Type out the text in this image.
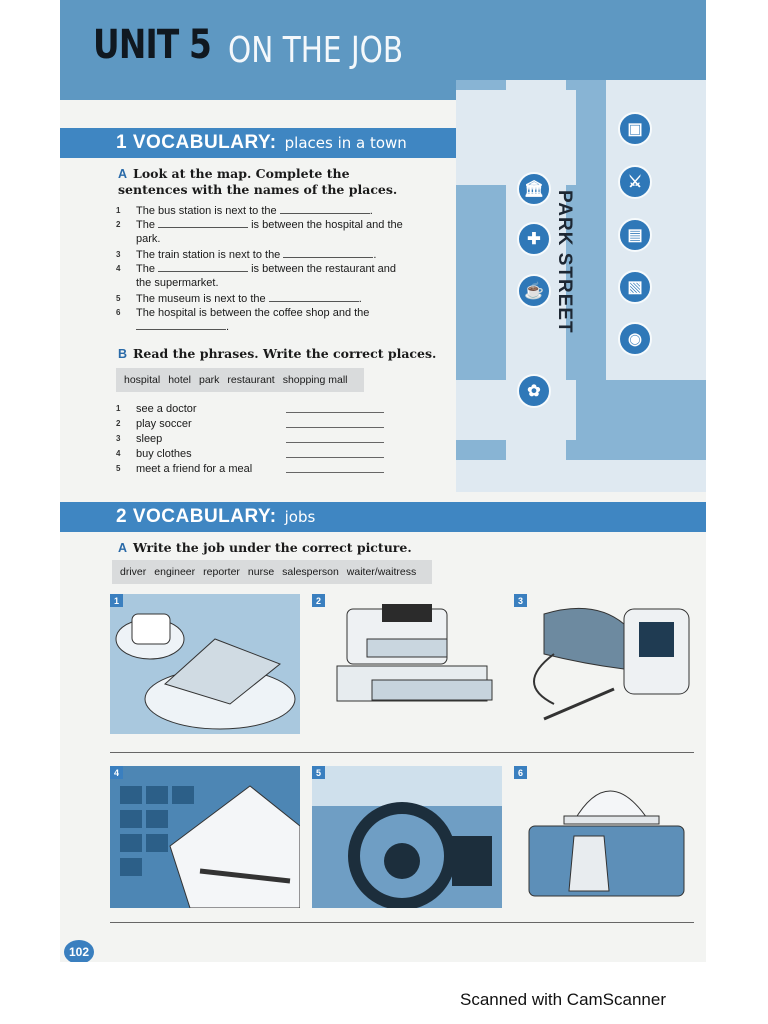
UNIT 5 ON THE JOB
PARK STREET
🏛
✚
☕
✿
▣
⚔
▤
▧
◉
1 VOCABULARY: places in a town
A Look at the map. Complete the sentences with the names of the places.
1 The bus station is next to the	.
2 The	is between the hospital and the park.
3 The train station is next to the	.
4 The	is between the restaurant and the supermarket.
5 The museum is next to the	.
6 The hospital is between the coffee shop and the .
B Read the phrases. Write the correct places.
hospital hotel park restaurant shopping mall
1 see a doctor
2 play soccer
3 sleep
4 buy clothes
5 meet a friend for a meal
2 VOCABULARY: jobs
A Write the job under the correct picture.
driver engineer reporter nurse salesperson waiter/waitress
1	2	3
4	5	6
102
Scanned with CamScanner
